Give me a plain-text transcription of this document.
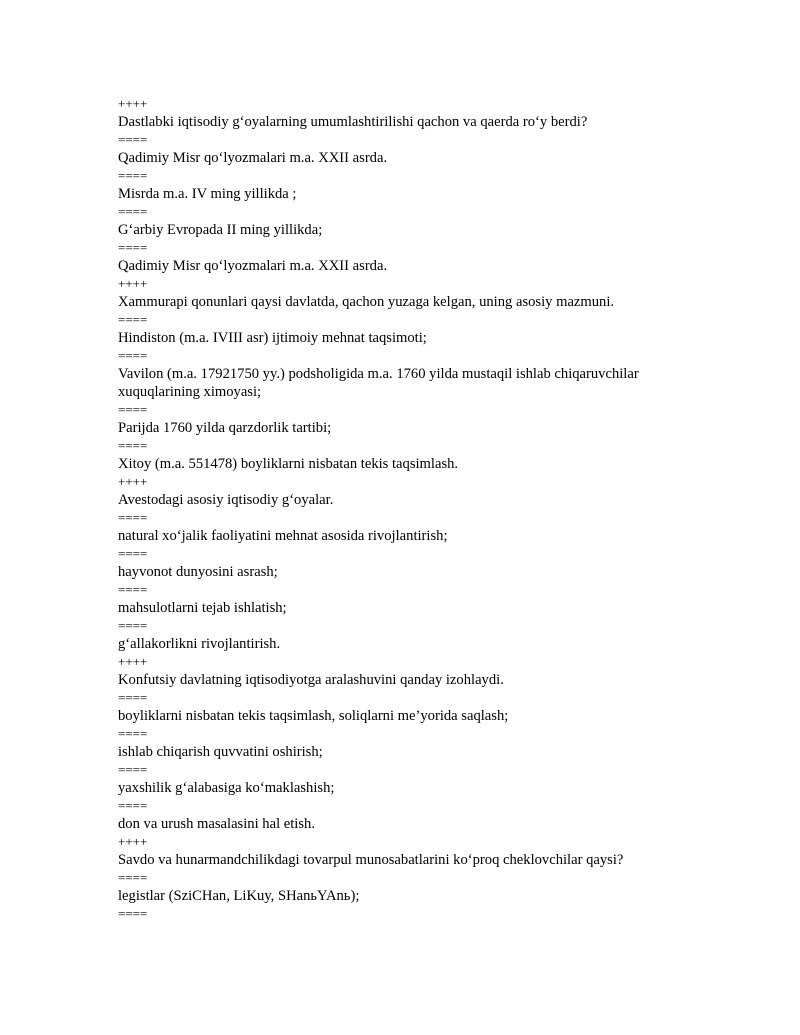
++++

Dastlabki iqtisodiy g‘oyalarning umumlashtirilishi qachon va qaerda ro‘y berdi?

====

Qadimiy Misr qo‘lyozmalari m.a. XXII asrda.

====

Misrda m.a. IV ming yillikda ;

====

G‘arbiy Evropada II ming yillikda;

====

Qadimiy Misr qo‘lyozmalari m.a. XXII asrda.

++++

Xammurapi qonunlari qaysi davlatda, qachon yuzaga kelgan, uning asosiy mazmuni.

====

Hindiston (m.a. IVIII asr) ijtimoiy mehnat taqsimoti;

====

Vavilon (m.a. 17921750 yy.) podsholigida m.a. 1760 yilda mustaqil ishlab chiqaruvchilar xuquqlarining ximoyasi;

====

Parijda 1760 yilda qarzdorlik tartibi;

====

Xitoy (m.a. 551478) boyliklarni nisbatan tekis taqsimlash.

++++

Avestodagi asosiy iqtisodiy g‘oyalar.

====

natural xo‘jalik faoliyatini mehnat asosida rivojlantirish;

====

hayvonot dunyosini asrash;

====

mahsulotlarni tejab ishlatish;

====

g‘allakorlikni rivojlantirish.

++++

Konfutsiy davlatning iqtisodiyotga aralashuvini qanday izohlaydi.

====

boyliklarni nisbatan tekis taqsimlash, soliqlarni me’yorida saqlash;

====

ishlab chiqarish quvvatini oshirish;

====

yaxshilik g‘alabasiga ko‘maklashish;

====

don va urush masalasini hal etish.

++++

Savdo va hunarmandchilikdagi tovarpul munosabatlarini ko‘proq cheklovchilar qaysi?

====

legistlar (SziCHan, LiKuy, SHanьYAnь);

====
